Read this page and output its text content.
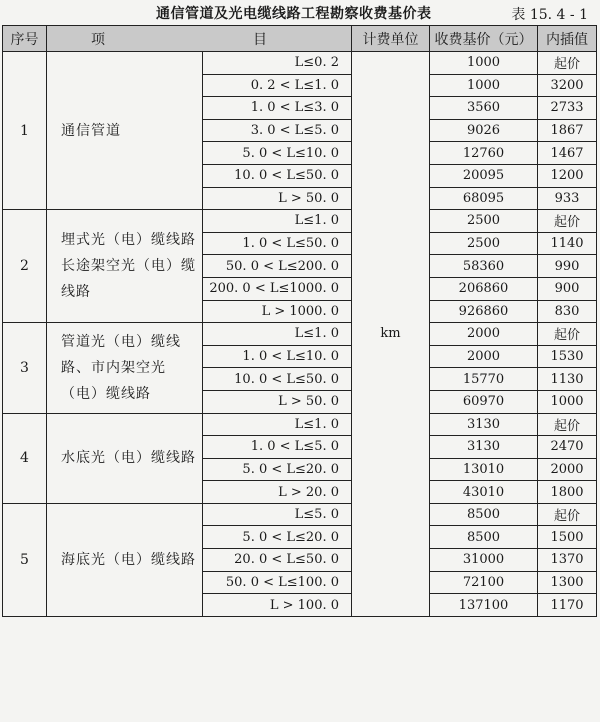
通信管道及光电缆线路工程勘察收费基价表	表 15. 4 - 1
序号	项　　目		计费单位	收费基价（元）	内插值
1	通信管道	L≤0. 2	km	1000	起价
		0. 2 < L≤1. 0		1000	3200
		1. 0 < L≤3. 0		3560	2733
		3. 0 < L≤5. 0		9026	1867
		5. 0 < L≤10. 0		12760	1467
		10. 0 < L≤50. 0		20095	1200
		L > 50. 0		68095	933
2	埋式光（电）缆线路长途架空光（电）缆线路	L≤1. 0		2500	起价
		1. 0 < L≤50. 0		2500	1140
		50. 0 < L≤200. 0		58360	990
		200. 0 < L≤1000. 0		206860	900
		L > 1000. 0		926860	830
3	管道光（电）缆线路、市内架空光（电）缆线路	L≤1. 0		2000	起价
		1. 0 < L≤10. 0		2000	1530
		10. 0 < L≤50. 0		15770	1130
		L > 50. 0		60970	1000
4	水底光（电）缆线路	L≤1. 0		3130	起价
		1. 0 < L≤5. 0		3130	2470
		5. 0 < L≤20. 0		13010	2000
		L > 20. 0		43010	1800
5	海底光（电）缆线路	L≤5. 0		8500	起价
		5. 0 < L≤20. 0		8500	1500
		20. 0 < L≤50. 0		31000	1370
		50. 0 < L≤100. 0		72100	1300
		L > 100. 0		137100	1170
